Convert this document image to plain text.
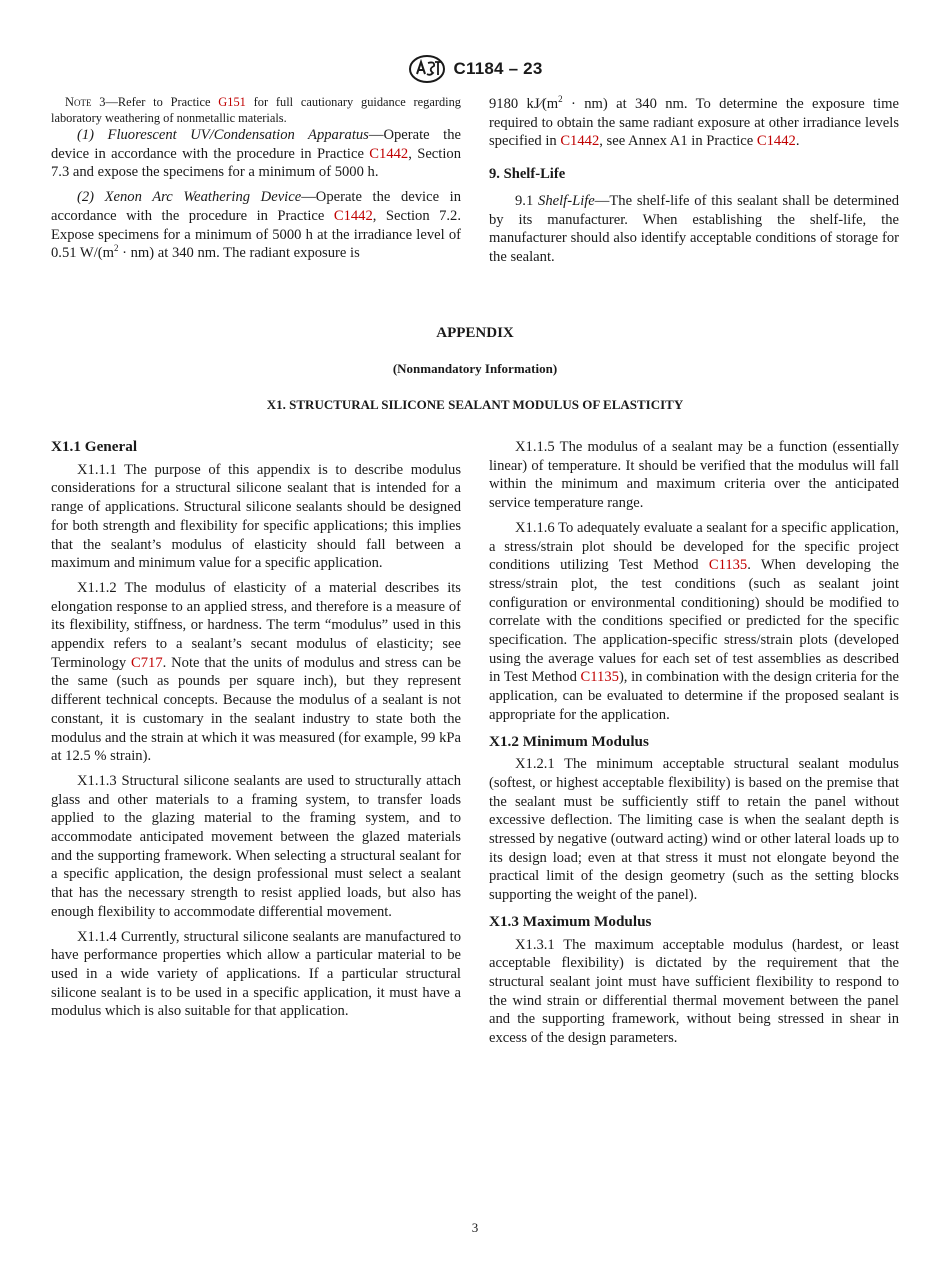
C1184 – 23

Note 3—Refer to Practice G151 for full cautionary guidance regarding laboratory weathering of nonmetallic materials.

(1) Fluorescent UV/Condensation Apparatus—Operate the device in accordance with the procedure in Practice C1442, Section 7.3 and expose the specimens for a minimum of 5000 h.

(2) Xenon Arc Weathering Device—Operate the device in accordance with the procedure in Practice C1442, Section 7.2. Expose specimens for a minimum of 5000 h at the irradiance level of 0.51 $W/(m^2 \cdot nm)$ at 340 nm. The radiant exposure is

9180 $kJ⁄(m^2 \cdot nm)$ at 340 nm. To determine the exposure time required to obtain the same radiant exposure at other irradiance levels specified in C1442, see Annex A1 in Practice C1442.

9. Shelf-Life

9.1 Shelf-Life—The shelf-life of this sealant shall be determined by its manufacturer. When establishing the shelf-life, the manufacturer should also identify acceptable conditions of storage for the sealant.

APPENDIX
(Nonmandatory Information)
X1. STRUCTURAL SILICONE SEALANT MODULUS OF ELASTICITY

X1.1 General

X1.1.1 The purpose of this appendix is to describe modulus considerations for a structural silicone sealant that is intended for a range of applications. Structural silicone sealants should be designed for both strength and flexibility for specific applications; this implies that the sealant’s modulus of elasticity should fall between a maximum and minimum value for a specific application.

X1.1.2 The modulus of elasticity of a material describes its elongation response to an applied stress, and therefore is a measure of its flexibility, stiffness, or hardness. The term “modulus” used in this appendix refers to a sealant’s secant modulus of elasticity; see Terminology C717. Note that the units of modulus and stress can be the same (such as pounds per square inch), but they represent different technical concepts. Because the modulus of a sealant is not constant, it is customary in the sealant industry to state both the modulus and the strain at which it was measured (for example, 99 kPa at 12.5 % strain).

X1.1.3 Structural silicone sealants are used to structurally attach glass and other materials to a framing system, to transfer loads applied to the glazing material to the framing system, and to accommodate anticipated movement between the glazed materials and the supporting framework. When selecting a structural sealant for a specific application, the design professional must select a sealant that has the necessary strength to resist applied loads, but also has enough flexibility to accommodate differential movement.

X1.1.4 Currently, structural silicone sealants are manufactured to have performance properties which allow a particular material to be used in a wide variety of applications. If a particular structural silicone sealant is to be used in a specific application, it must have a modulus which is also suitable for that application.

X1.1.5 The modulus of a sealant may be a function (essentially linear) of temperature. It should be verified that the modulus will fall within the minimum and maximum criteria over the anticipated service temperature range.

X1.1.6 To adequately evaluate a sealant for a specific application, a stress/strain plot should be developed for the specific project conditions utilizing Test Method C1135. When developing the stress/strain plot, the test conditions (such as sealant joint configuration or environmental conditioning) should be modified to correlate with the conditions specified or predicted for the specific specification. The application-specific stress/strain plots (developed using the average values for each set of test assemblies as described in Test Method C1135), in combination with the design criteria for the application, can be evaluated to determine if the proposed sealant is appropriate for the application.

X1.2 Minimum Modulus

X1.2.1 The minimum acceptable structural sealant modulus (softest, or highest acceptable flexibility) is based on the premise that the sealant must be sufficiently stiff to retain the panel without excessive deflection. The limiting case is when the sealant depth is stressed by negative (outward acting) wind or other lateral loads up to its design load; even at that stress it must not elongate beyond the practical limit of the design geometry (such as the setting blocks supporting the weight of the panel).

X1.3 Maximum Modulus

X1.3.1 The maximum acceptable modulus (hardest, or least acceptable flexibility) is dictated by the requirement that the structural sealant joint must have sufficient flexibility to respond to the wind strain or differential thermal movement between the panel and the supporting framework, without being stressed in shear in excess of the design parameters.

3
